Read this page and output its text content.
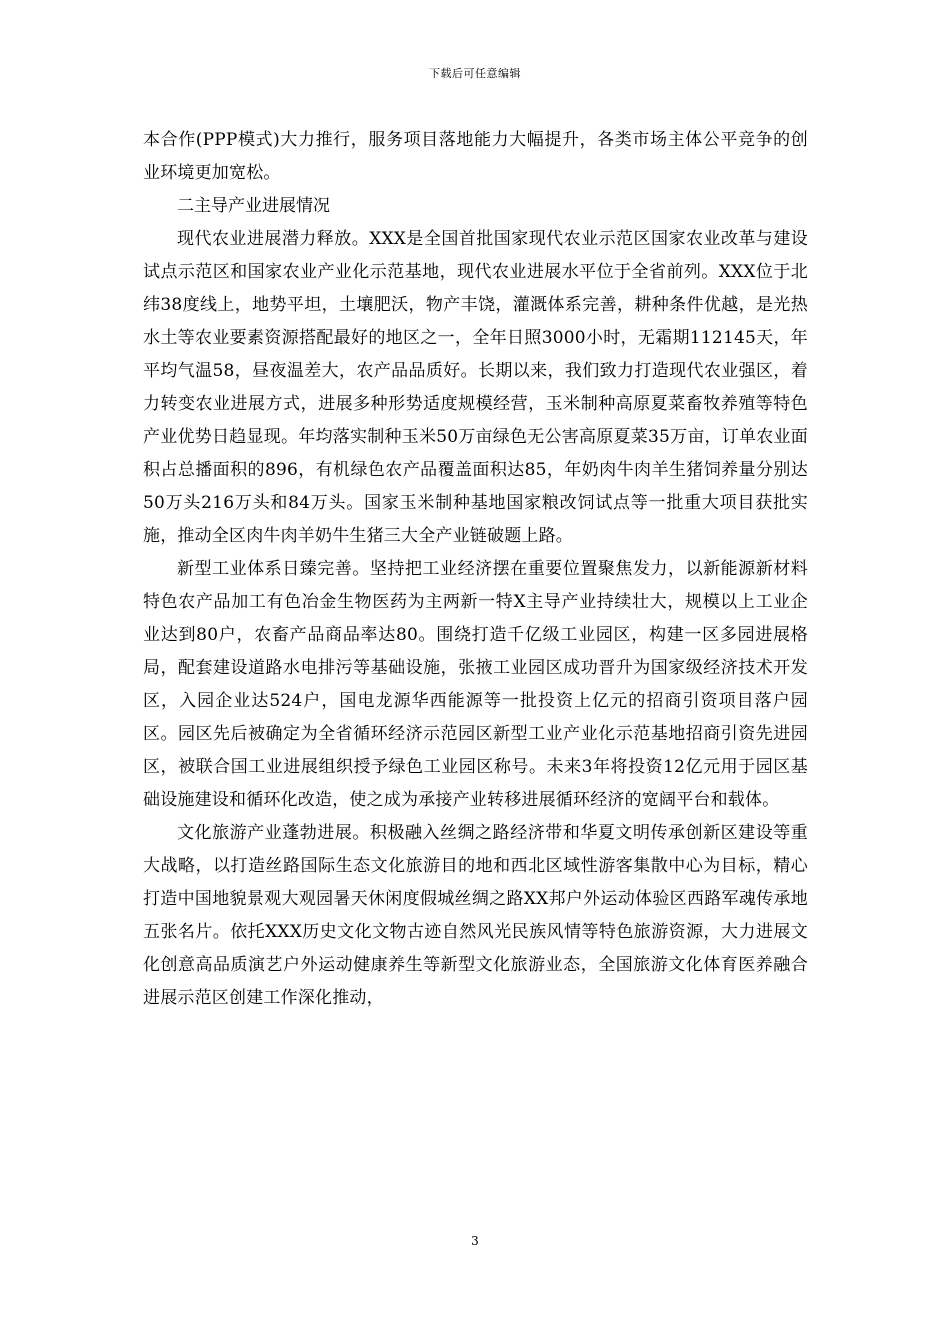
下载后可任意编辑

本合作(PPP模式)大力推行，服务项目落地能力大幅提升，各类市场主体公平竞争的创业环境更加宽松。

二主导产业进展情况

现代农业进展潜力释放。XXX是全国首批国家现代农业示范区国家农业改革与建设试点示范区和国家农业产业化示范基地，现代农业进展水平位于全省前列。XXX位于北纬38度线上，地势平坦，土壤肥沃，物产丰饶，灌溉体系完善，耕种条件优越，是光热水土等农业要素资源搭配最好的地区之一，全年日照3000小时，无霜期112145天，年平均气温58，昼夜温差大，农产品品质好。长期以来，我们致力打造现代农业强区，着力转变农业进展方式，进展多种形势适度规模经营，玉米制种高原夏菜畜牧养殖等特色产业优势日趋显现。年均落实制种玉米50万亩绿色无公害高原夏菜35万亩，订单农业面积占总播面积的896，有机绿色农产品覆盖面积达85，年奶肉牛肉羊生猪饲养量分别达50万头216万头和84万头。国家玉米制种基地国家粮改饲试点等一批重大项目获批实施，推动全区肉牛肉羊奶牛生猪三大全产业链破题上路。

新型工业体系日臻完善。坚持把工业经济摆在重要位置聚焦发力，以新能源新材料特色农产品加工有色冶金生物医药为主两新一特X主导产业持续壮大，规模以上工业企业达到80户，农畜产品商品率达80。围绕打造千亿级工业园区，构建一区多园进展格局，配套建设道路水电排污等基础设施，张掖工业园区成功晋升为国家级经济技术开发区，入园企业达524户，国电龙源华西能源等一批投资上亿元的招商引资项目落户园区。园区先后被确定为全省循环经济示范园区新型工业产业化示范基地招商引资先进园区，被联合国工业进展组织授予绿色工业园区称号。未来3年将投资12亿元用于园区基础设施建设和循环化改造，使之成为承接产业转移进展循环经济的宽阔平台和载体。

文化旅游产业蓬勃进展。积极融入丝绸之路经济带和华夏文明传承创新区建设等重大战略，以打造丝路国际生态文化旅游目的地和西北区域性游客集散中心为目标，精心打造中国地貌景观大观园暑天休闲度假城丝绸之路XX邦户外运动体验区西路军魂传承地五张名片。依托XXX历史文化文物古迹自然风光民族风情等特色旅游资源，大力进展文化创意高品质演艺户外运动健康养生等新型文化旅游业态，全国旅游文化体育医养融合进展示范区创建工作深化推动，

3
